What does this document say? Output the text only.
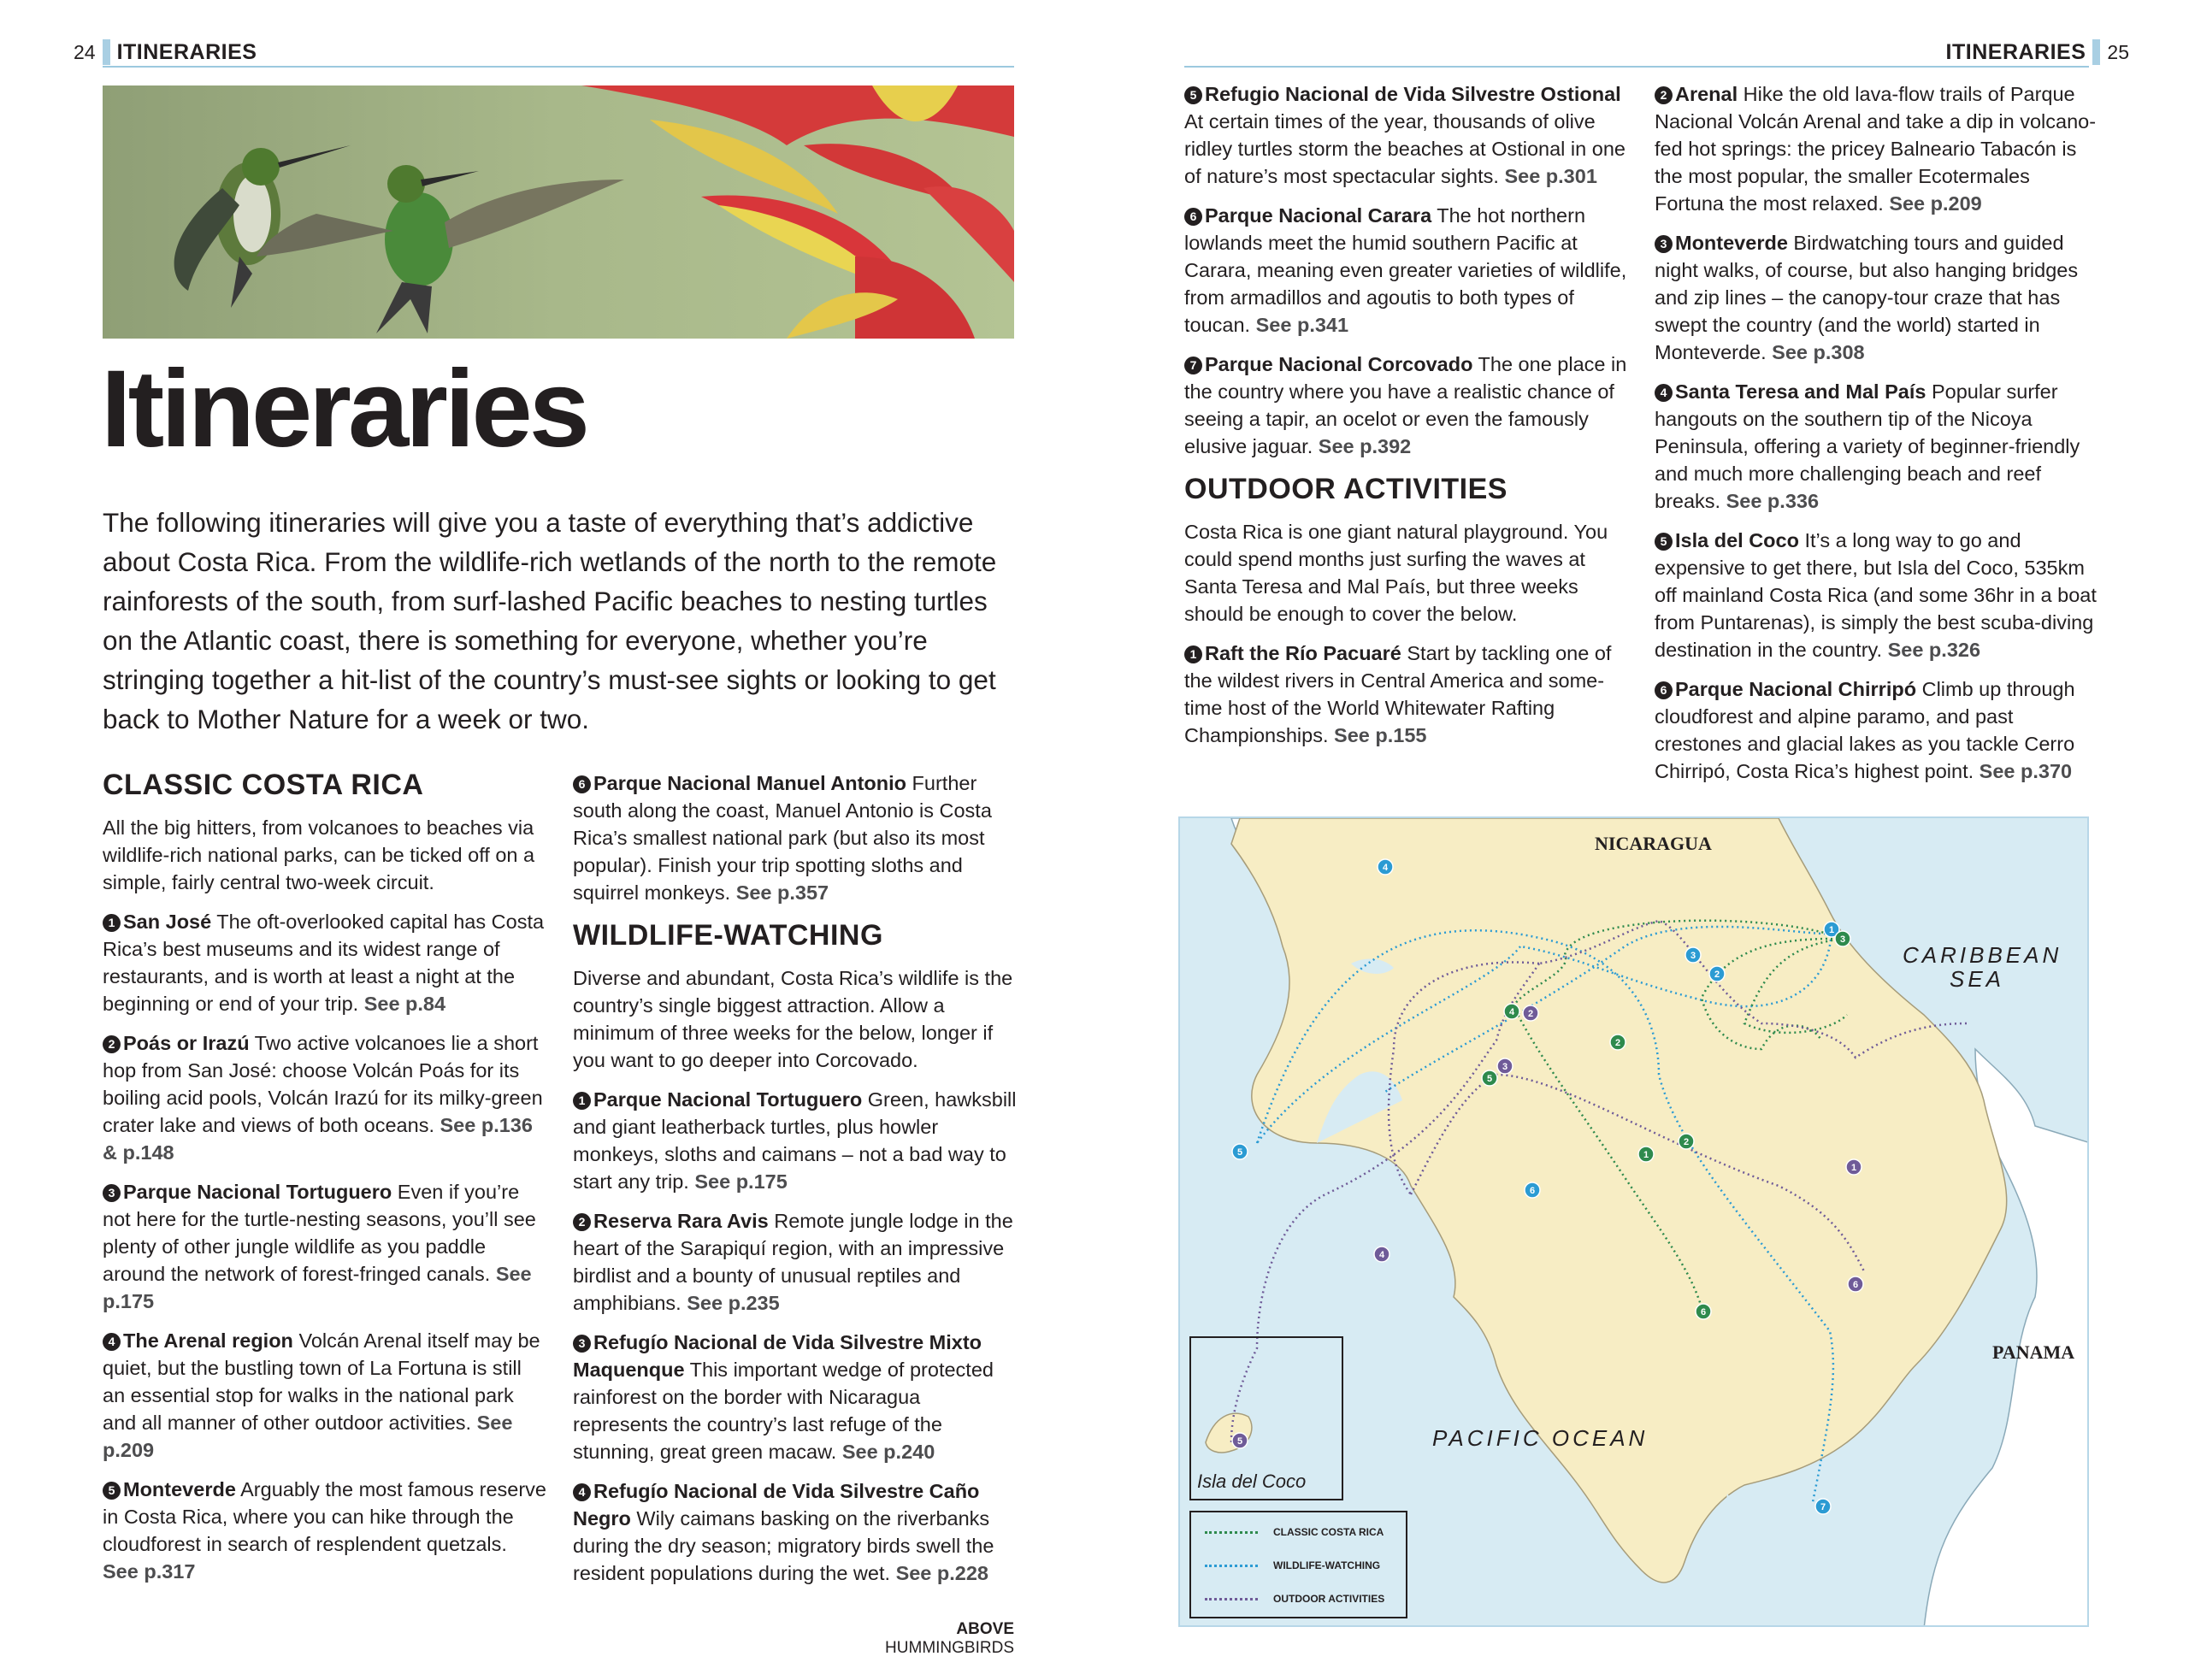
24 ITINERARIES	ITINERARIES 25
Itineraries
The following itineraries will give you a taste of everything that’s addictive about Costa Rica. From the wildlife-rich wetlands of the north to the remote rainforests of the south, from surf-lashed Pacific beaches to nesting turtles on the Atlantic coast, there is something for everyone, whether you’re stringing together a hit-list of the country’s must-see sights or looking to get back to Mother Nature for a week or two.
CLASSIC COSTA RICA

All the big hitters, from volcanoes to beaches via wildlife-rich national parks, can be ticked off on a simple, fairly central two-week circuit.

1 San José The oft-overlooked capital has Costa Rica’s best museums and its widest range of restaurants, and is worth at least a night at the beginning or end of your trip. See p.84

2 Poás or Irazú Two active volcanoes lie a short hop from San José: choose Volcán Poás for its boiling acid pools, Volcán Irazú for its milky-green crater lake and views of both oceans. See p.136 & p.148

3 Parque Nacional Tortuguero Even if you’re not here for the turtle-nesting seasons, you’ll see plenty of other jungle wildlife as you paddle around the network of forest-fringed canals. See p.175

4 The Arenal region Volcán Arenal itself may be quiet, but the bustling town of La Fortuna is still an essential stop for walks in the national park and all manner of other outdoor activities. See p.209

5 Monteverde Arguably the most famous reserve in Costa Rica, where you can hike through the cloudforest in search of resplendent quetzals. See p.317

6 Parque Nacional Manuel Antonio Further south along the coast, Manuel Antonio is Costa Rica’s smallest national park (but also its most popular). Finish your trip spotting sloths and squirrel monkeys. See p.357

WILDLIFE-WATCHING

Diverse and abundant, Costa Rica’s wildlife is the country’s single biggest attraction. Allow a minimum of three weeks for the below, longer if you want to go deeper into Corcovado.

1 Parque Nacional Tortuguero Green, hawksbill and giant leatherback turtles, plus howler monkeys, sloths and caimans – not a bad way to start any trip. See p.175

2 Reserva Rara Avis Remote jungle lodge in the heart of the Sarapiquí region, with an impressive birdlist and a bounty of unusual reptiles and amphibians. See p.235

3 Refugío Nacional de Vida Silvestre Mixto Maquenque This important wedge of protected rainforest on the border with Nicaragua represents the country’s last refuge of the stunning, great green macaw. See p.240

4 Refugío Nacional de Vida Silvestre Caño Negro Wily caimans basking on the riverbanks during the dry season; migratory birds swell the resident populations during the wet. See p.228

ABOVE HUMMINGBIRDS

5 Refugio Nacional de Vida Silvestre Ostional At certain times of the year, thousands of olive ridley turtles storm the beaches at Ostional in one of nature’s most spectacular sights. See p.301

6 Parque Nacional Carara The hot northern lowlands meet the humid southern Pacific at Carara, meaning even greater varieties of wildlife, from armadillos and agoutis to both types of toucan. See p.341

7 Parque Nacional Corcovado The one place in the country where you have a realistic chance of seeing a tapir, an ocelot or even the famously elusive jaguar. See p.392

OUTDOOR ACTIVITIES

Costa Rica is one giant natural playground. You could spend months just surfing the waves at Santa Teresa and Mal País, but three weeks should be enough to cover the below.

1 Raft the Río Pacuaré Start by tackling one of the wildest rivers in Central America and some-time host of the World Whitewater Rafting Championships. See p.155

2 Arenal Hike the old lava-flow trails of Parque Nacional Volcán Arenal and take a dip in volcano-fed hot springs: the pricey Balneario Tabacón is the most popular, the smaller Ecotermales Fortuna the most relaxed. See p.209

3 Monteverde Birdwatching tours and guided night walks, of course, but also hanging bridges and zip lines – the canopy-tour craze that has swept the country (and the world) started in Monteverde. See p.308

4 Santa Teresa and Mal País Popular surfer hangouts on the southern tip of the Nicoya Peninsula, offering a variety of beginner-friendly and much more challenging beach and reef breaks. See p.336

5 Isla del Coco It’s a long way to go and expensive to get there, but Isla del Coco, 535km off mainland Costa Rica (and some 36hr in a boat from Puntarenas), is simply the best scuba-diving destination in the country. See p.326

6 Parque Nacional Chirripó Climb up through cloudforest and alpine paramo, and past crestones and glacial lakes as you tackle Cerro Chirripó, Costa Rica’s highest point. See p.370

1
3
2
3
4
5
6
7
1
2
2
4
5
6
1
2
3
4
5
6
NICARAGUA
PANAMA
CARIBBEAN
SEA
PACIFIC OCEAN
Isla del Coco
CLASSIC COSTA RICA
WILDLIFE-WATCHING
OUTDOOR ACTIVITIES
